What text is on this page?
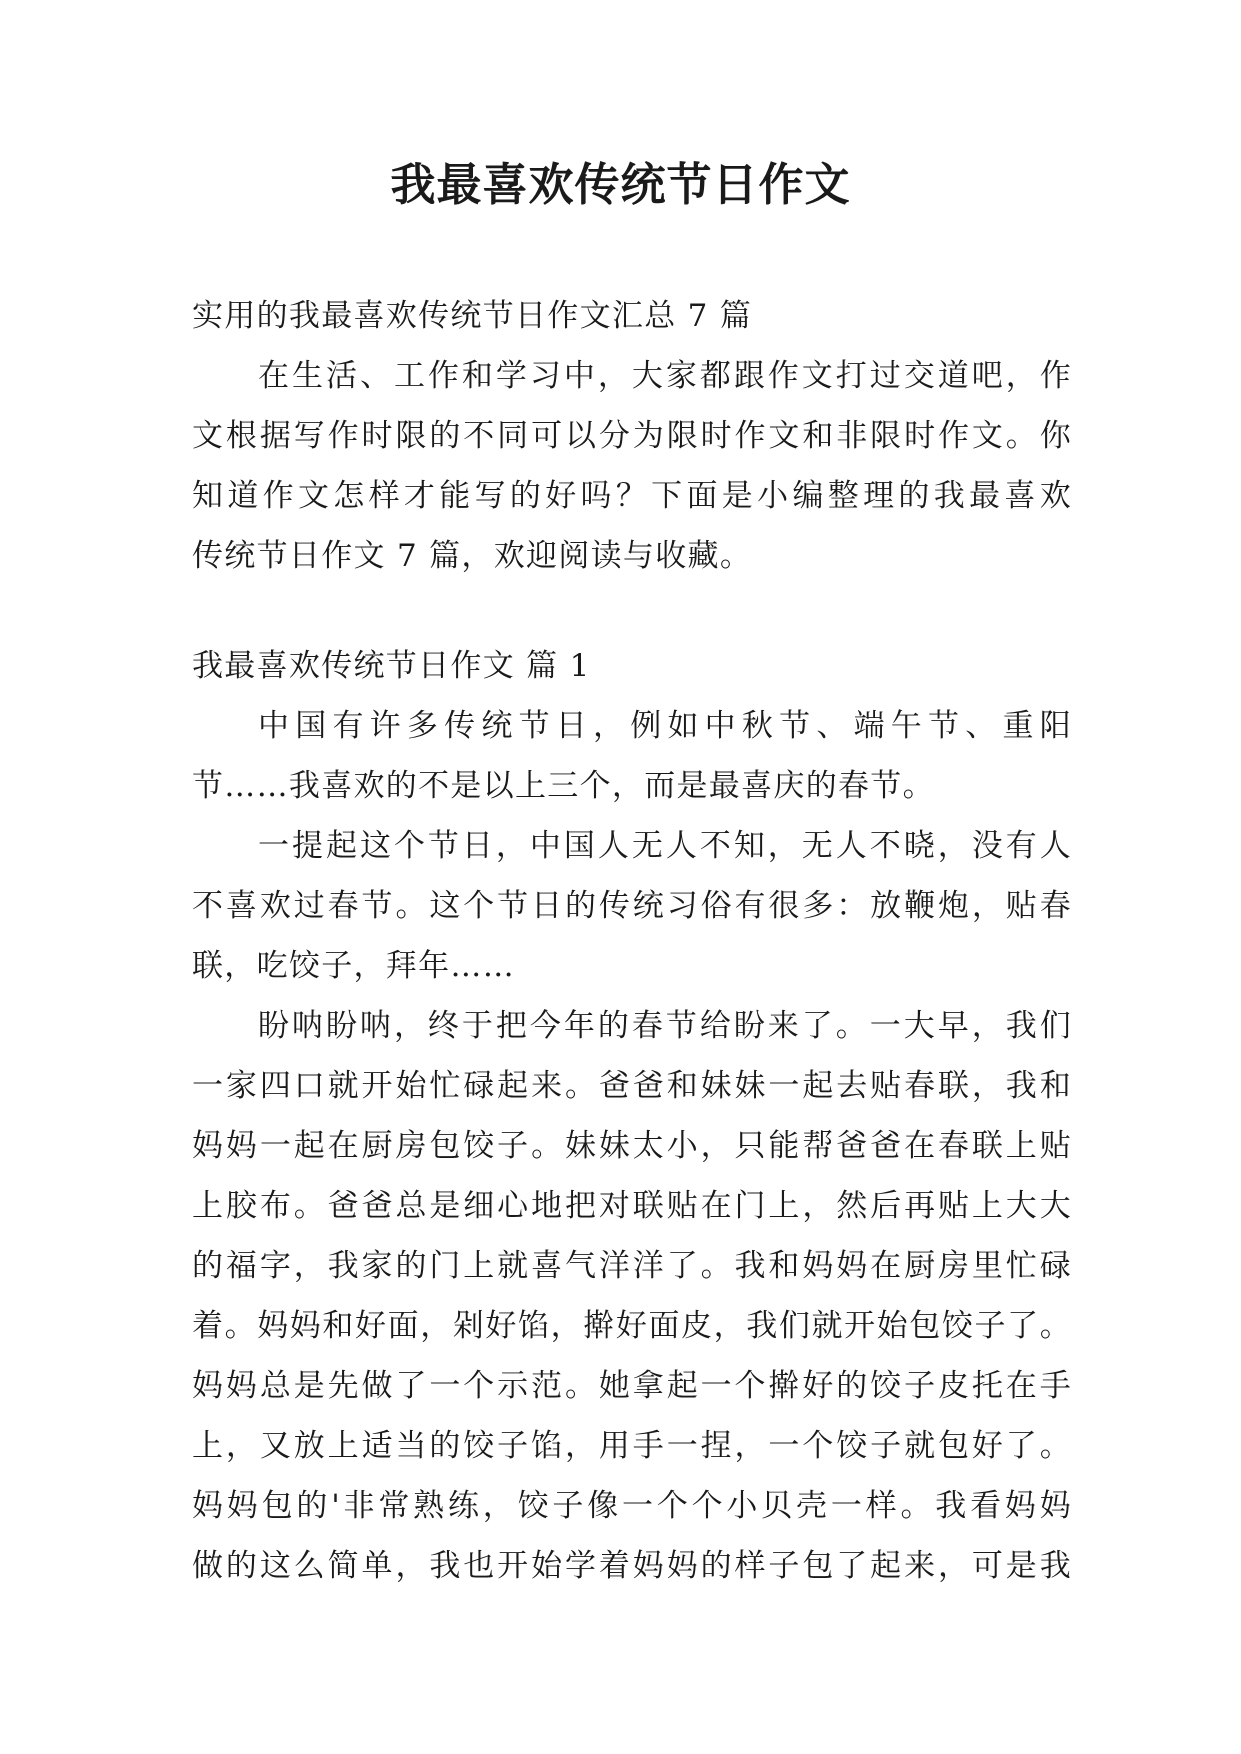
我最喜欢传统节日作文

实用的我最喜欢传统节日作文汇总 7 篇

在生活、工作和学习中，大家都跟作文打过交道吧，作

文根据写作时限的不同可以分为限时作文和非限时作文。你

知道作文怎样才能写的好吗？下面是小编整理的我最喜欢

传统节日作文 7 篇，欢迎阅读与收藏。

我最喜欢传统节日作文 篇 1

中国有许多传统节日，例如中秋节、端午节、重阳

节……我喜欢的不是以上三个，而是最喜庆的春节。

一提起这个节日，中国人无人不知，无人不晓，没有人

不喜欢过春节。这个节日的传统习俗有很多：放鞭炮，贴春

联，吃饺子，拜年……

盼呐盼呐，终于把今年的春节给盼来了。一大早，我们

一家四口就开始忙碌起来。爸爸和妹妹一起去贴春联，我和

妈妈一起在厨房包饺子。妹妹太小，只能帮爸爸在春联上贴

上胶布。爸爸总是细心地把对联贴在门上，然后再贴上大大

的福字，我家的门上就喜气洋洋了。我和妈妈在厨房里忙碌

着。妈妈和好面，剁好馅，擀好面皮，我们就开始包饺子了。

妈妈总是先做了一个示范。她拿起一个擀好的饺子皮托在手

上，又放上适当的饺子馅，用手一捏，一个饺子就包好了。

妈妈包的'非常熟练，饺子像一个个小贝壳一样。我看妈妈

做的这么简单，我也开始学着妈妈的样子包了起来，可是我
